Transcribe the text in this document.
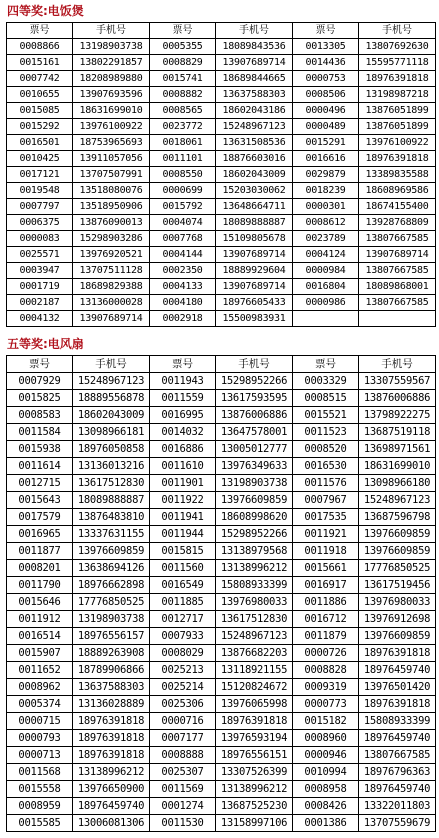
四等奖:电饭煲
票号	手机号	票号	手机号	票号	手机号
0008866	13198903738	0005355	18089843536	0013305	13807692630
0015161	13802291857	0008829	13907689714	0014436	15595771118
0007742	18208989880	0015741	18689844665	0000753	18976391818
0010655	13907693596	0008882	13637588303	0008506	13198987218
0015085	18631699010	0008565	18602043186	0000496	13876051899
0015292	13976100922	0023772	15248967123	0000489	13876051899
0016501	18753965693	0018061	13631508536	0015291	13976100922
0010425	13911057056	0011101	18876603016	0016616	18976391818
0017121	13707507991	0008550	18602043009	0029879	13389835588
0019548	13518080076	0000699	15203030062	0018239	18608969586
0007797	13518950906	0015792	13648664711	0000301	18674155400
0006375	13876090013	0004074	18089888887	0008612	13928768809
0000083	15298903286	0007768	15109805678	0023789	13807667585
0025571	13976920521	0004144	13907689714	0004124	13907689714
0003947	13707511128	0002350	18889929604	0000984	13807667585
0001719	18689829388	0004133	13907689714	0016804	18089868001
0002187	13136000028	0004180	18976605433	0000986	13807667585
0004132	13907689714	0002918	15500983931		
五等奖:电风扇
票号	手机号	票号	手机号	票号	手机号
0007929	15248967123	0011943	15298952266	0003329	13307559567
0015825	18889556878	0011559	13617593595	0008515	13876006886
0008583	18602043009	0016995	13876006886	0015521	13798922275
0011584	13098966181	0014032	13647578001	0011523	13687519118
0015938	18976050858	0016886	13005012777	0008520	13698971561
0011614	13136013216	0011610	13976349633	0016530	18631699010
0012715	13617512830	0011901	13198903738	0011576	13098966180
0015643	18089888887	0011922	13976609859	0007967	15248967123
0017579	13876483810	0011941	18608998620	0017535	13687596798
0016965	13337631155	0011944	15298952266	0011921	13976609859
0011877	13976609859	0015815	13138979568	0011918	13976609859
0008201	13638694126	0011560	13138996212	0015661	17776850525
0011790	18976662898	0016549	15808933399	0016917	13617519456
0015646	17776850525	0011885	13976980033	0011886	13976980033
0011912	13198903738	0012717	13617512830	0016712	13976912698
0016514	18976556157	0007933	15248967123	0011879	13976609859
0015907	18889263908	0008029	13876682203	0000726	18976391818
0011652	18789906866	0025213	13118921155	0008828	18976459740
0008962	13637588303	0025214	15120824672	0009319	13976501420
0005374	13136028889	0025306	13976065998	0000773	18976391818
0000715	18976391818	0000716	18976391818	0015182	15808933399
0000793	18976391818	0007177	13976593194	0008960	18976459740
0000713	18976391818	0008888	18976556151	0000946	13807667585
0011568	13138996212	0025307	13307526399	0010994	18976796363
0015558	13976650900	0011569	13138996212	0008958	18976459740
0008959	18976459740	0001274	13687525230	0008426	13322011803
0015585	13006081306	0011530	13158997106	0001386	13707559679
